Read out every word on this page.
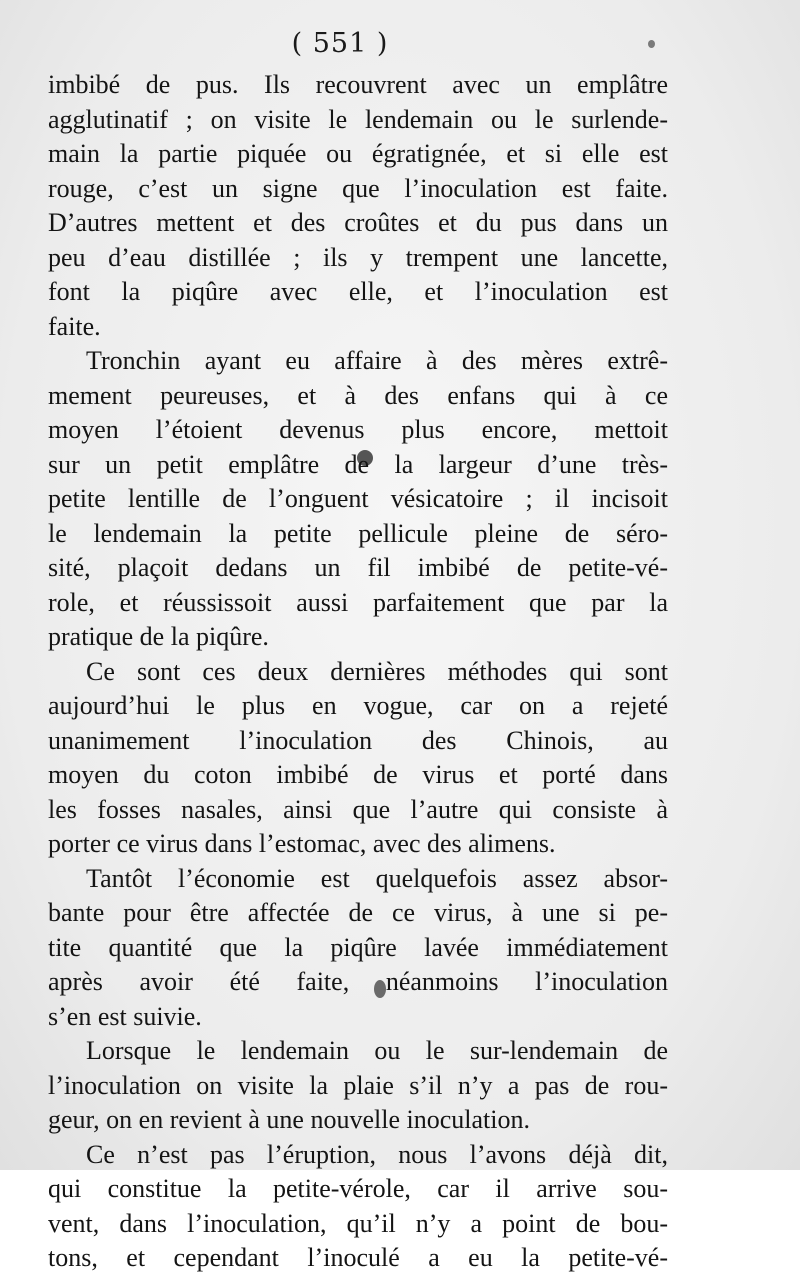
( 551 )
imbibé de pus. Ils recouvrent avec un emplâtre
agglutinatif ; on visite le lendemain ou le surlende-
main la partie piquée ou égratignée, et si elle est
rouge, c’est un signe que l’inoculation est faite.
D’autres mettent et des croûtes et du pus dans un
peu d’eau distillée ; ils y trempent une lancette,
font la piqûre avec elle, et l’inoculation est
faite.
Tronchin ayant eu affaire à des mères extrê-
mement peureuses, et à des enfans qui à ce
moyen l’étoient devenus plus encore, mettoit
sur un petit emplâtre de la largeur d’une très-
petite lentille de l’onguent vésicatoire ; il incisoit
le lendemain la petite pellicule pleine de séro-
sité, plaçoit dedans un fil imbibé de petite-vé-
role, et réussissoit aussi parfaitement que par la
pratique de la piqûre.
Ce sont ces deux dernières méthodes qui sont
aujourd’hui le plus en vogue, car on a rejeté
unanimement l’inoculation des Chinois, au
moyen du coton imbibé de virus et porté dans
les fosses nasales, ainsi que l’autre qui consiste à
porter ce virus dans l’estomac, avec des alimens.
Tantôt l’économie est quelquefois assez absor-
bante pour être affectée de ce virus, à une si pe-
tite quantité que la piqûre lavée immédiatement
après avoir été faite, néanmoins l’inoculation
s’en est suivie.
Lorsque le lendemain ou le sur-lendemain de
l’inoculation on visite la plaie s’il n’y a pas de rou-
geur, on en revient à une nouvelle inoculation.
Ce n’est pas l’éruption, nous l’avons déjà dit,
qui constitue la petite-vérole, car il arrive sou-
vent, dans l’inoculation, qu’il n’y a point de bou-
tons, et cependant l’inoculé a eu la petite-vé-
